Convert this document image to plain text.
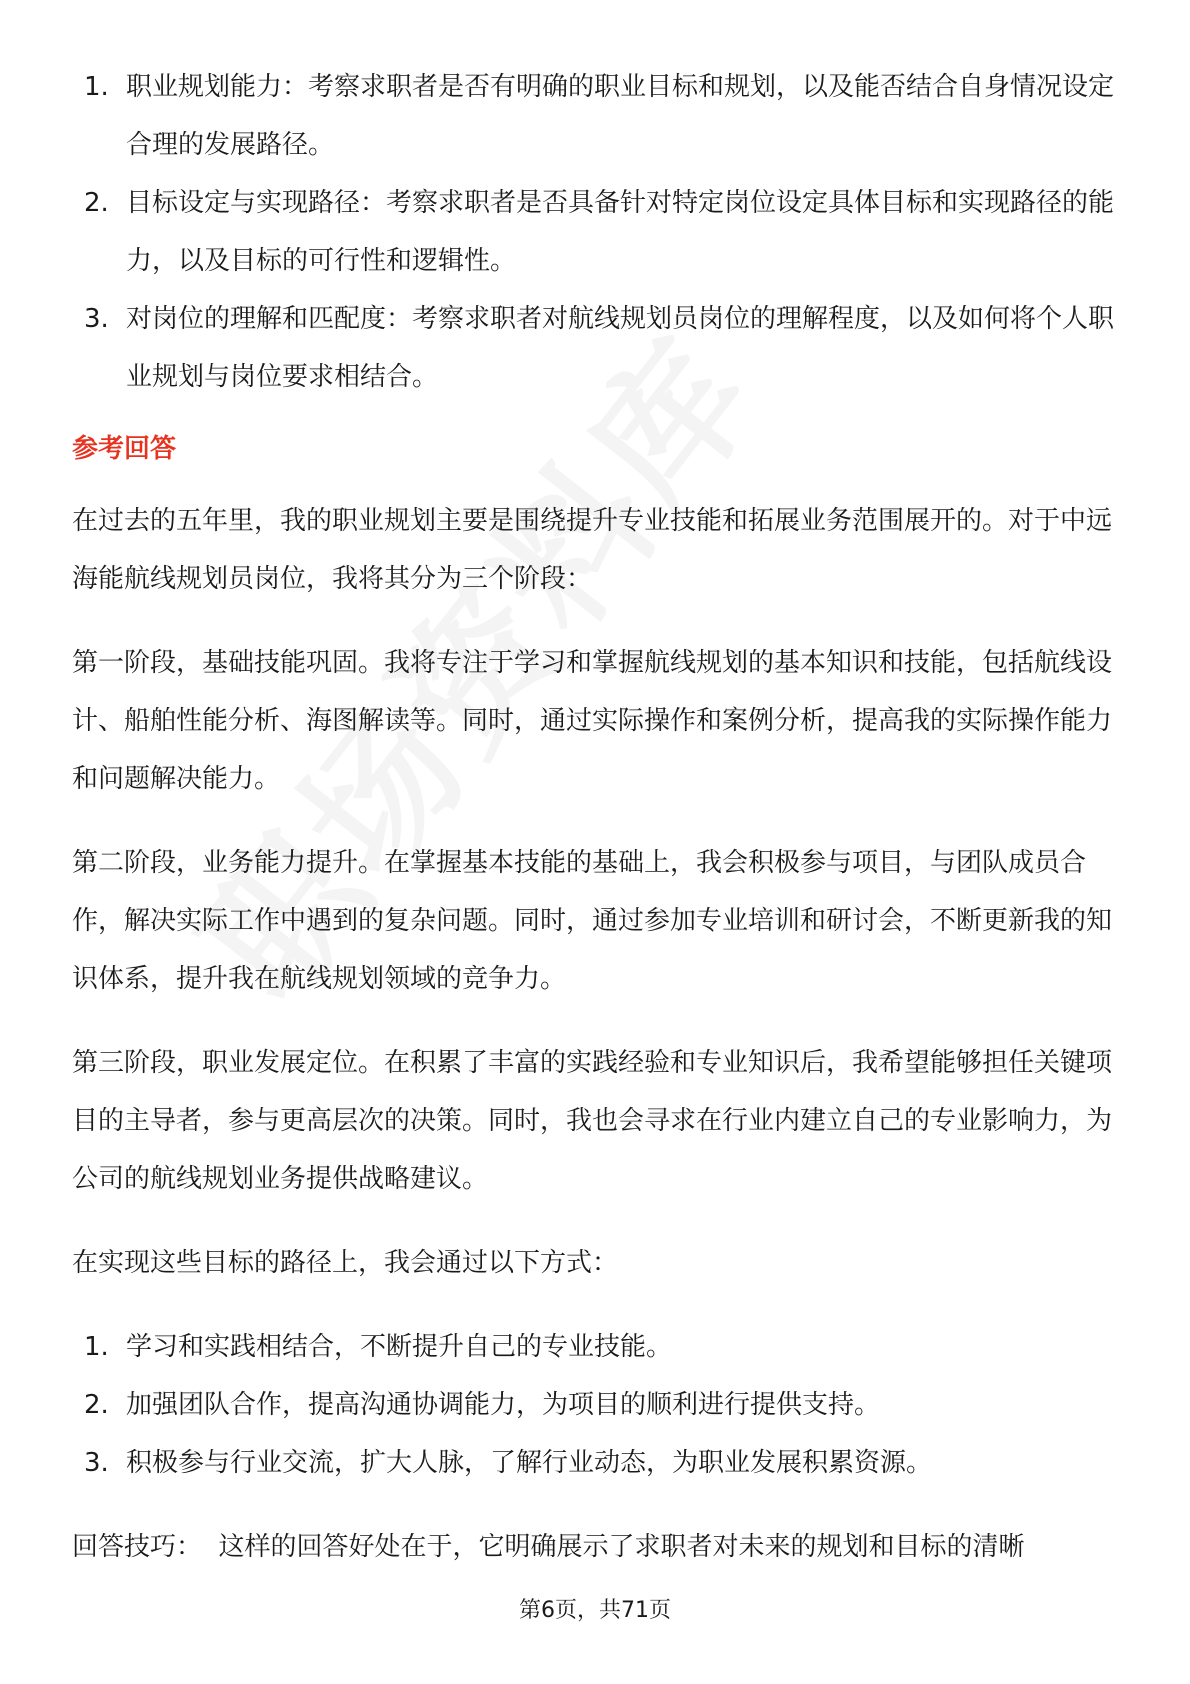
1. 职业规划能力：考察求职者是否有明确的职业目标和规划，以及能否结合自身情况设定合理的发展路径。
2. 目标设定与实现路径：考察求职者是否具备针对特定岗位设定具体目标和实现路径的能力，以及目标的可行性和逻辑性。
3. 对岗位的理解和匹配度：考察求职者对航线规划员岗位的理解程度，以及如何将个人职业规划与岗位要求相结合。
参考回答

在过去的五年里，我的职业规划主要是围绕提升专业技能和拓展业务范围展开的。对于中远海能航线规划员岗位，我将其分为三个阶段：

第一阶段，基础技能巩固。我将专注于学习和掌握航线规划的基本知识和技能，包括航线设计、船舶性能分析、海图解读等。同时，通过实际操作和案例分析，提高我的实际操作能力和问题解决能力。

第二阶段，业务能力提升。在掌握基本技能的基础上，我会积极参与项目，与团队成员合作，解决实际工作中遇到的复杂问题。同时，通过参加专业培训和研讨会，不断更新我的知识体系，提升我在航线规划领域的竞争力。

第三阶段，职业发展定位。在积累了丰富的实践经验和专业知识后，我希望能够担任关键项目的主导者，参与更高层次的决策。同时，我也会寻求在行业内建立自己的专业影响力，为公司的航线规划业务提供战略建议。

在实现这些目标的路径上，我会通过以下方式：

1. 学习和实践相结合，不断提升自己的专业技能。
2. 加强团队合作，提高沟通协调能力，为项目的顺利进行提供支持。
3. 积极参与行业交流，扩大人脉，了解行业动态，为职业发展积累资源。

回答技巧：  这样的回答好处在于，它明确展示了求职者对未来的规划和目标的清晰

第6页，共71页
